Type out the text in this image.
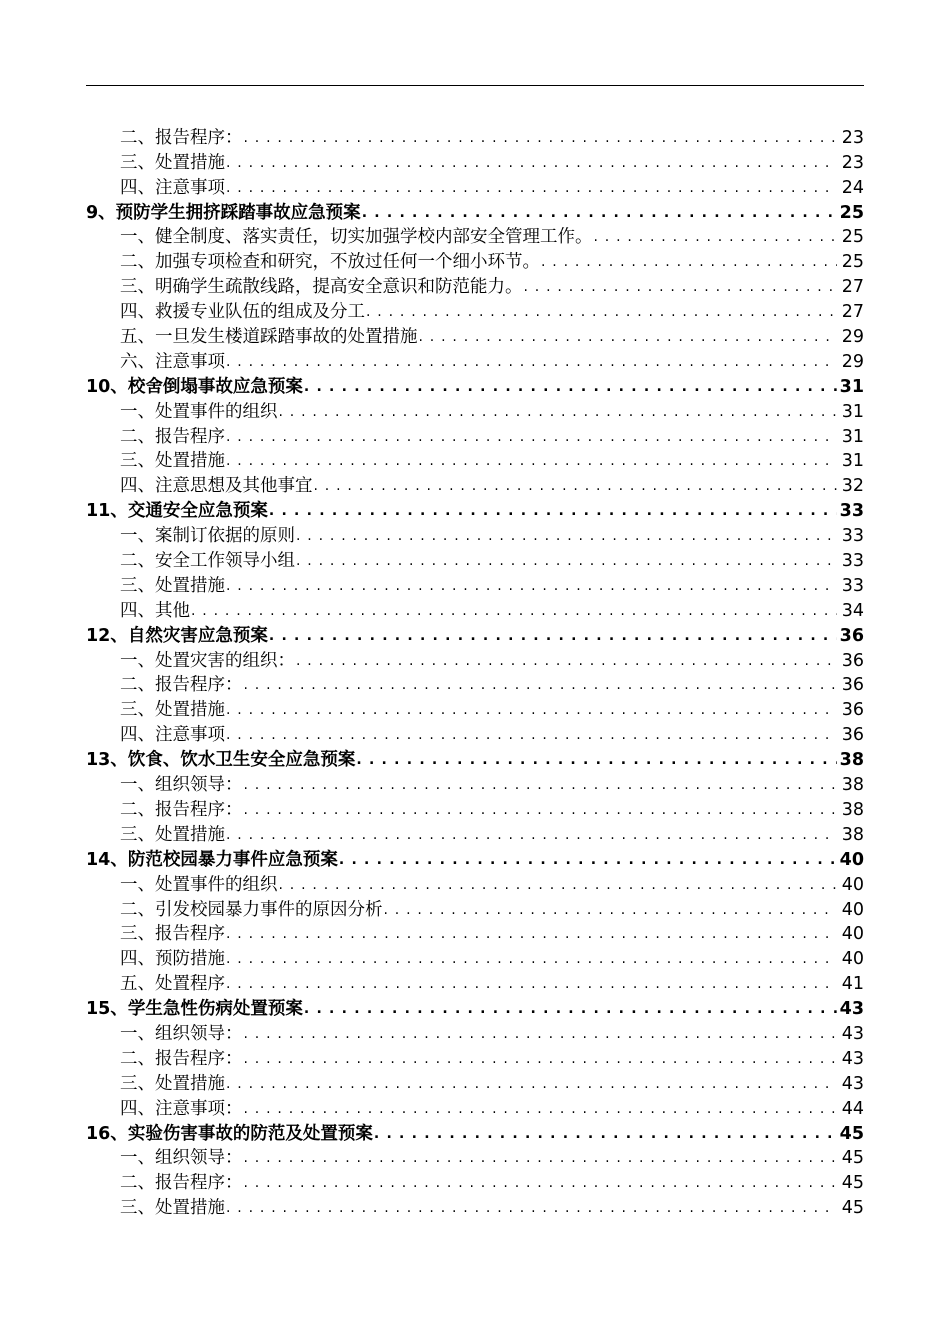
二、报告程序： . . .	23
三、处置措施 . . .	23
四、注意事项 . . .	24
9、预防学生拥挤踩踏事故应急预案 . . .	25
一、健全制度、落实责任，切实加强学校内部安全管理工作。 . . .	25
二、加强专项检查和研究，不放过任何一个细小环节。 . . .	25
三、明确学生疏散线路，提高安全意识和防范能力。 . . .	27
四、救援专业队伍的组成及分工 . . .	27
五、一旦发生楼道踩踏事故的处置措施 . . .	29
六、注意事项 . . .	29
10、校舍倒塌事故应急预案 . . .	31
一、处置事件的组织 . . .	31
二、报告程序 . . .	31
三、处置措施 . . .	31
四、注意思想及其他事宜 . . .	32
11、交通安全应急预案 . . .	33
一、案制订依据的原则 . . .	33
二、安全工作领导小组 . . .	33
三、处置措施 . . .	33
四、其他 . . .	34
12、自然灾害应急预案 . . .	36
一、处置灾害的组织： . . .	36
二、报告程序： . . .	36
三、处置措施 . . .	36
四、注意事项 . . .	36
13、饮食、饮水卫生安全应急预案 . . .	38
一、组织领导： . . .	38
二、报告程序： . . .	38
三、处置措施 . . .	38
14、防范校园暴力事件应急预案 . . .	40
一、处置事件的组织 . . .	40
二、引发校园暴力事件的原因分析 . . .	40
三、报告程序 . . .	40
四、预防措施 . . .	40
五、处置程序 . . .	41
15、学生急性伤病处置预案 . . .	43
一、组织领导： . . .	43
二、报告程序： . . .	43
三、处置措施 . . .	43
四、注意事项： . . .	44
16、实验伤害事故的防范及处置预案 . . .	45
一、组织领导： . . .	45
二、报告程序： . . .	45
三、处置措施 . . .	45
